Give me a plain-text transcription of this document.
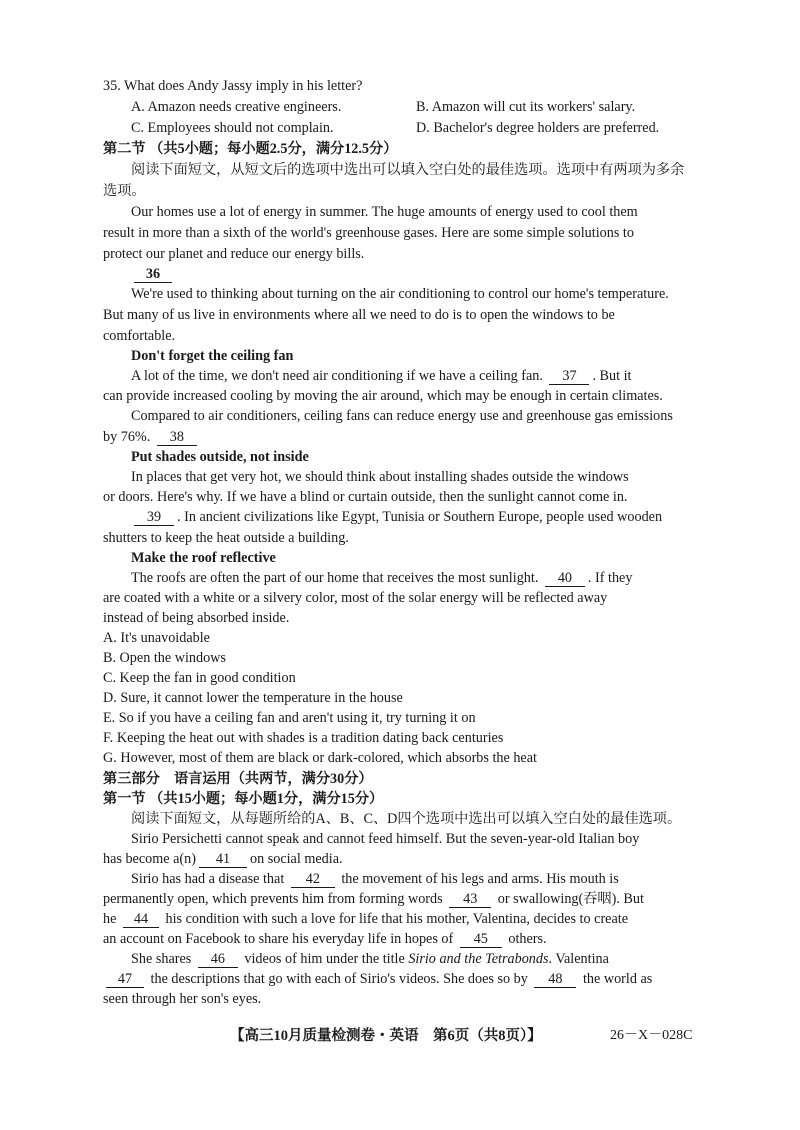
35. What does Andy Jassy imply in his letter?
A. Amazon needs creative engineers.	B. Amazon will cut its workers' salary.
C. Employees should not complain.	D. Bachelor's degree holders are preferred.
第二节 （共5小题；每小题2.5分，满分12.5分）
阅读下面短文，从短文后的选项中选出可以填入空白处的最佳选项。选项中有两项为多余
选项。
Our homes use a lot of energy in summer. The huge amounts of energy used to cool them
result in more than a sixth of the world's greenhouse gases. Here are some simple solutions to
protect our planet and reduce our energy bills.
36
We're used to thinking about turning on the air conditioning to control our home's temperature.
But many of us live in environments where all we need to do is to open the windows to be
comfortable.
Don't forget the ceiling fan
A lot of the time, we don't need air conditioning if we have a ceiling fan. 37 . But it
can provide increased cooling by moving the air around, which may be enough in certain climates.
Compared to air conditioners, ceiling fans can reduce energy use and greenhouse gas emissions
by 76%. 38
Put shades outside, not inside
In places that get very hot, we should think about installing shades outside the windows
or doors. Here's why. If we have a blind or curtain outside, then the sunlight cannot come in.
39 . In ancient civilizations like Egypt, Tunisia or Southern Europe, people used wooden
shutters to keep the heat outside a building.
Make the roof reflective
The roofs are often the part of our home that receives the most sunlight. 40 . If they
are coated with a white or a silvery color, most of the solar energy will be reflected away
instead of being absorbed inside.
A. It's unavoidable
B. Open the windows
C. Keep the fan in good condition
D. Sure, it cannot lower the temperature in the house
E. So if you have a ceiling fan and aren't using it, try turning it on
F. Keeping the heat out with shades is a tradition dating back centuries
G. However, most of them are black or dark-colored, which absorbs the heat
第三部分　语言运用（共两节，满分30分）
第一节 （共15小题；每小题1分，满分15分）
阅读下面短文，从每题所给的A、B、C、D四个选项中选出可以填入空白处的最佳选项。
Sirio Persichetti cannot speak and cannot feed himself. But the seven-year-old Italian boy
has become a(n) 41 on social media.
Sirio has had a disease that 42 the movement of his legs and arms. His mouth is
permanently open, which prevents him from forming words 43 or swallowing(吞咽). But
he 44 his condition with such a love for life that his mother, Valentina, decides to create
an account on Facebook to share his everyday life in hopes of 45 others.
She shares 46 videos of him under the title Sirio and the Tetrabonds. Valentina
47 the descriptions that go with each of Sirio's videos. She does so by 48 the world as
seen through her son's eyes.
【高三10月质量检测卷・英语　第6页（共8页）】	26－X－028C
